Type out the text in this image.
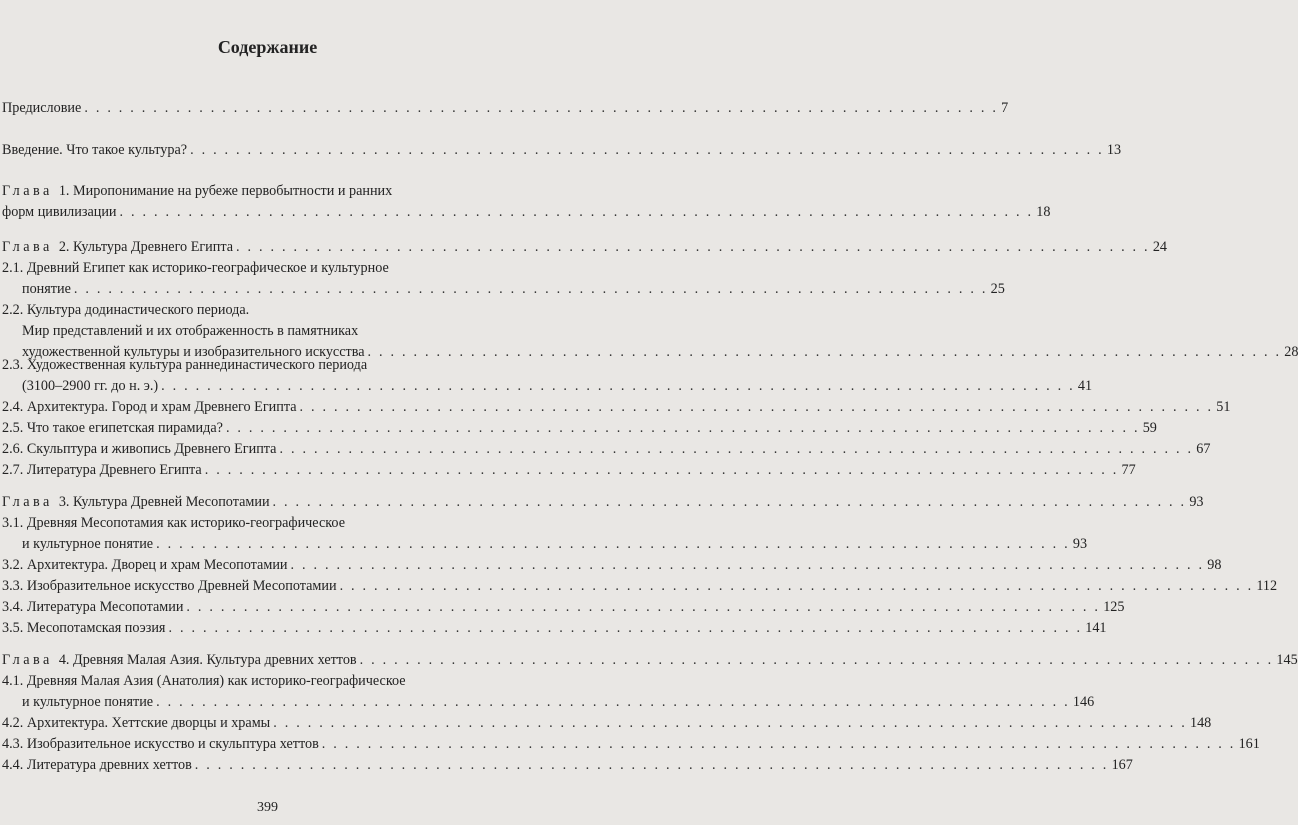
Содержание
Предисловие . . . . . . . . . . . . . . . . . . . . . . . . . . . . . . . . . . . . . . . . . . . . . . . . . . . . . . . . . . . . . . . . . . . . . . . . . . . . . . . . 7
Введение. Что такое культура? . . . . . . . . . . . . . . . . . . . . . . . . . . . . . . . . . . . . . . . . . . . . . . . . . . . . . . . . . . . . . . . . . . . . . . . . . . . . . . . . 13
Глава 1. Миропонимание на рубеже первобытности и ранних
форм цивилизации . . . . . . . . . . . . . . . . . . . . . . . . . . . . . . . . . . . . . . . . . . . . . . . . . . . . . . . . . . . . . . . . . . . . . . . . . . . . . . . . 18
Глава 2. Культура Древнего Египта . . . . . . . . . . . . . . . . . . . . . . . . . . . . . . . . . . . . . . . . . . . . . . . . . . . . . . . . . . . . . . . . . . . . . . . . . . . . . . . . 24
2.1. Древний Египет как историко-географическое и культурное
понятие . . . . . . . . . . . . . . . . . . . . . . . . . . . . . . . . . . . . . . . . . . . . . . . . . . . . . . . . . . . . . . . . . . . . . . . . . . . . . . . . 25
2.2. Культура додинастического периода.
Мир представлений и их отображенность в памятниках
художественной культуры и изобразительного искусства . . . . . . . . . . . . . . . . . . . . . . . . . . . . . . . . . . . . . . . . . . . . . . . . . . . . . . . . . . . . . . . . . . . . . . . . . . . . . . . . 28
2.3. Художественная культура раннединастического периода
(3100–2900 гг. до н. э.) . . . . . . . . . . . . . . . . . . . . . . . . . . . . . . . . . . . . . . . . . . . . . . . . . . . . . . . . . . . . . . . . . . . . . . . . . . . . . . . . 41
2.4. Архитектура. Город и храм Древнего Египта . . . . . . . . . . . . . . . . . . . . . . . . . . . . . . . . . . . . . . . . . . . . . . . . . . . . . . . . . . . . . . . . . . . . . . . . . . . . . . . . 51
2.5. Что такое египетская пирамида? . . . . . . . . . . . . . . . . . . . . . . . . . . . . . . . . . . . . . . . . . . . . . . . . . . . . . . . . . . . . . . . . . . . . . . . . . . . . . . . . 59
2.6. Скульптура и живопись Древнего Египта . . . . . . . . . . . . . . . . . . . . . . . . . . . . . . . . . . . . . . . . . . . . . . . . . . . . . . . . . . . . . . . . . . . . . . . . . . . . . . . . 67
2.7. Литература Древнего Египта . . . . . . . . . . . . . . . . . . . . . . . . . . . . . . . . . . . . . . . . . . . . . . . . . . . . . . . . . . . . . . . . . . . . . . . . . . . . . . . . 77
Глава 3. Культура Древней Месопотамии . . . . . . . . . . . . . . . . . . . . . . . . . . . . . . . . . . . . . . . . . . . . . . . . . . . . . . . . . . . . . . . . . . . . . . . . . . . . . . . . 93
3.1. Древняя Месопотамия как историко-географическое
и культурное понятие . . . . . . . . . . . . . . . . . . . . . . . . . . . . . . . . . . . . . . . . . . . . . . . . . . . . . . . . . . . . . . . . . . . . . . . . . . . . . . . . 93
3.2. Архитектура. Дворец и храм Месопотамии . . . . . . . . . . . . . . . . . . . . . . . . . . . . . . . . . . . . . . . . . . . . . . . . . . . . . . . . . . . . . . . . . . . . . . . . . . . . . . . . 98
3.3. Изобразительное искусство Древней Месопотамии . . . . . . . . . . . . . . . . . . . . . . . . . . . . . . . . . . . . . . . . . . . . . . . . . . . . . . . . . . . . . . . . . . . . . . . . . . . . . . . . 112
3.4. Литература Месопотамии . . . . . . . . . . . . . . . . . . . . . . . . . . . . . . . . . . . . . . . . . . . . . . . . . . . . . . . . . . . . . . . . . . . . . . . . . . . . . . . . 125
3.5. Месопотамская поэзия . . . . . . . . . . . . . . . . . . . . . . . . . . . . . . . . . . . . . . . . . . . . . . . . . . . . . . . . . . . . . . . . . . . . . . . . . . . . . . . . 141
Глава 4. Древняя Малая Азия. Культура древних хеттов . . . . . . . . . . . . . . . . . . . . . . . . . . . . . . . . . . . . . . . . . . . . . . . . . . . . . . . . . . . . . . . . . . . . . . . . . . . . . . . . 145
4.1. Древняя Малая Азия (Анатолия) как историко-географическое
и культурное понятие . . . . . . . . . . . . . . . . . . . . . . . . . . . . . . . . . . . . . . . . . . . . . . . . . . . . . . . . . . . . . . . . . . . . . . . . . . . . . . . . 146
4.2. Архитектура. Хеттские дворцы и храмы . . . . . . . . . . . . . . . . . . . . . . . . . . . . . . . . . . . . . . . . . . . . . . . . . . . . . . . . . . . . . . . . . . . . . . . . . . . . . . . . 148
4.3. Изобразительное искусство и скульптура хеттов . . . . . . . . . . . . . . . . . . . . . . . . . . . . . . . . . . . . . . . . . . . . . . . . . . . . . . . . . . . . . . . . . . . . . . . . . . . . . . . . 161
4.4. Литература древних хеттов . . . . . . . . . . . . . . . . . . . . . . . . . . . . . . . . . . . . . . . . . . . . . . . . . . . . . . . . . . . . . . . . . . . . . . . . . . . . . . . . 167
399
